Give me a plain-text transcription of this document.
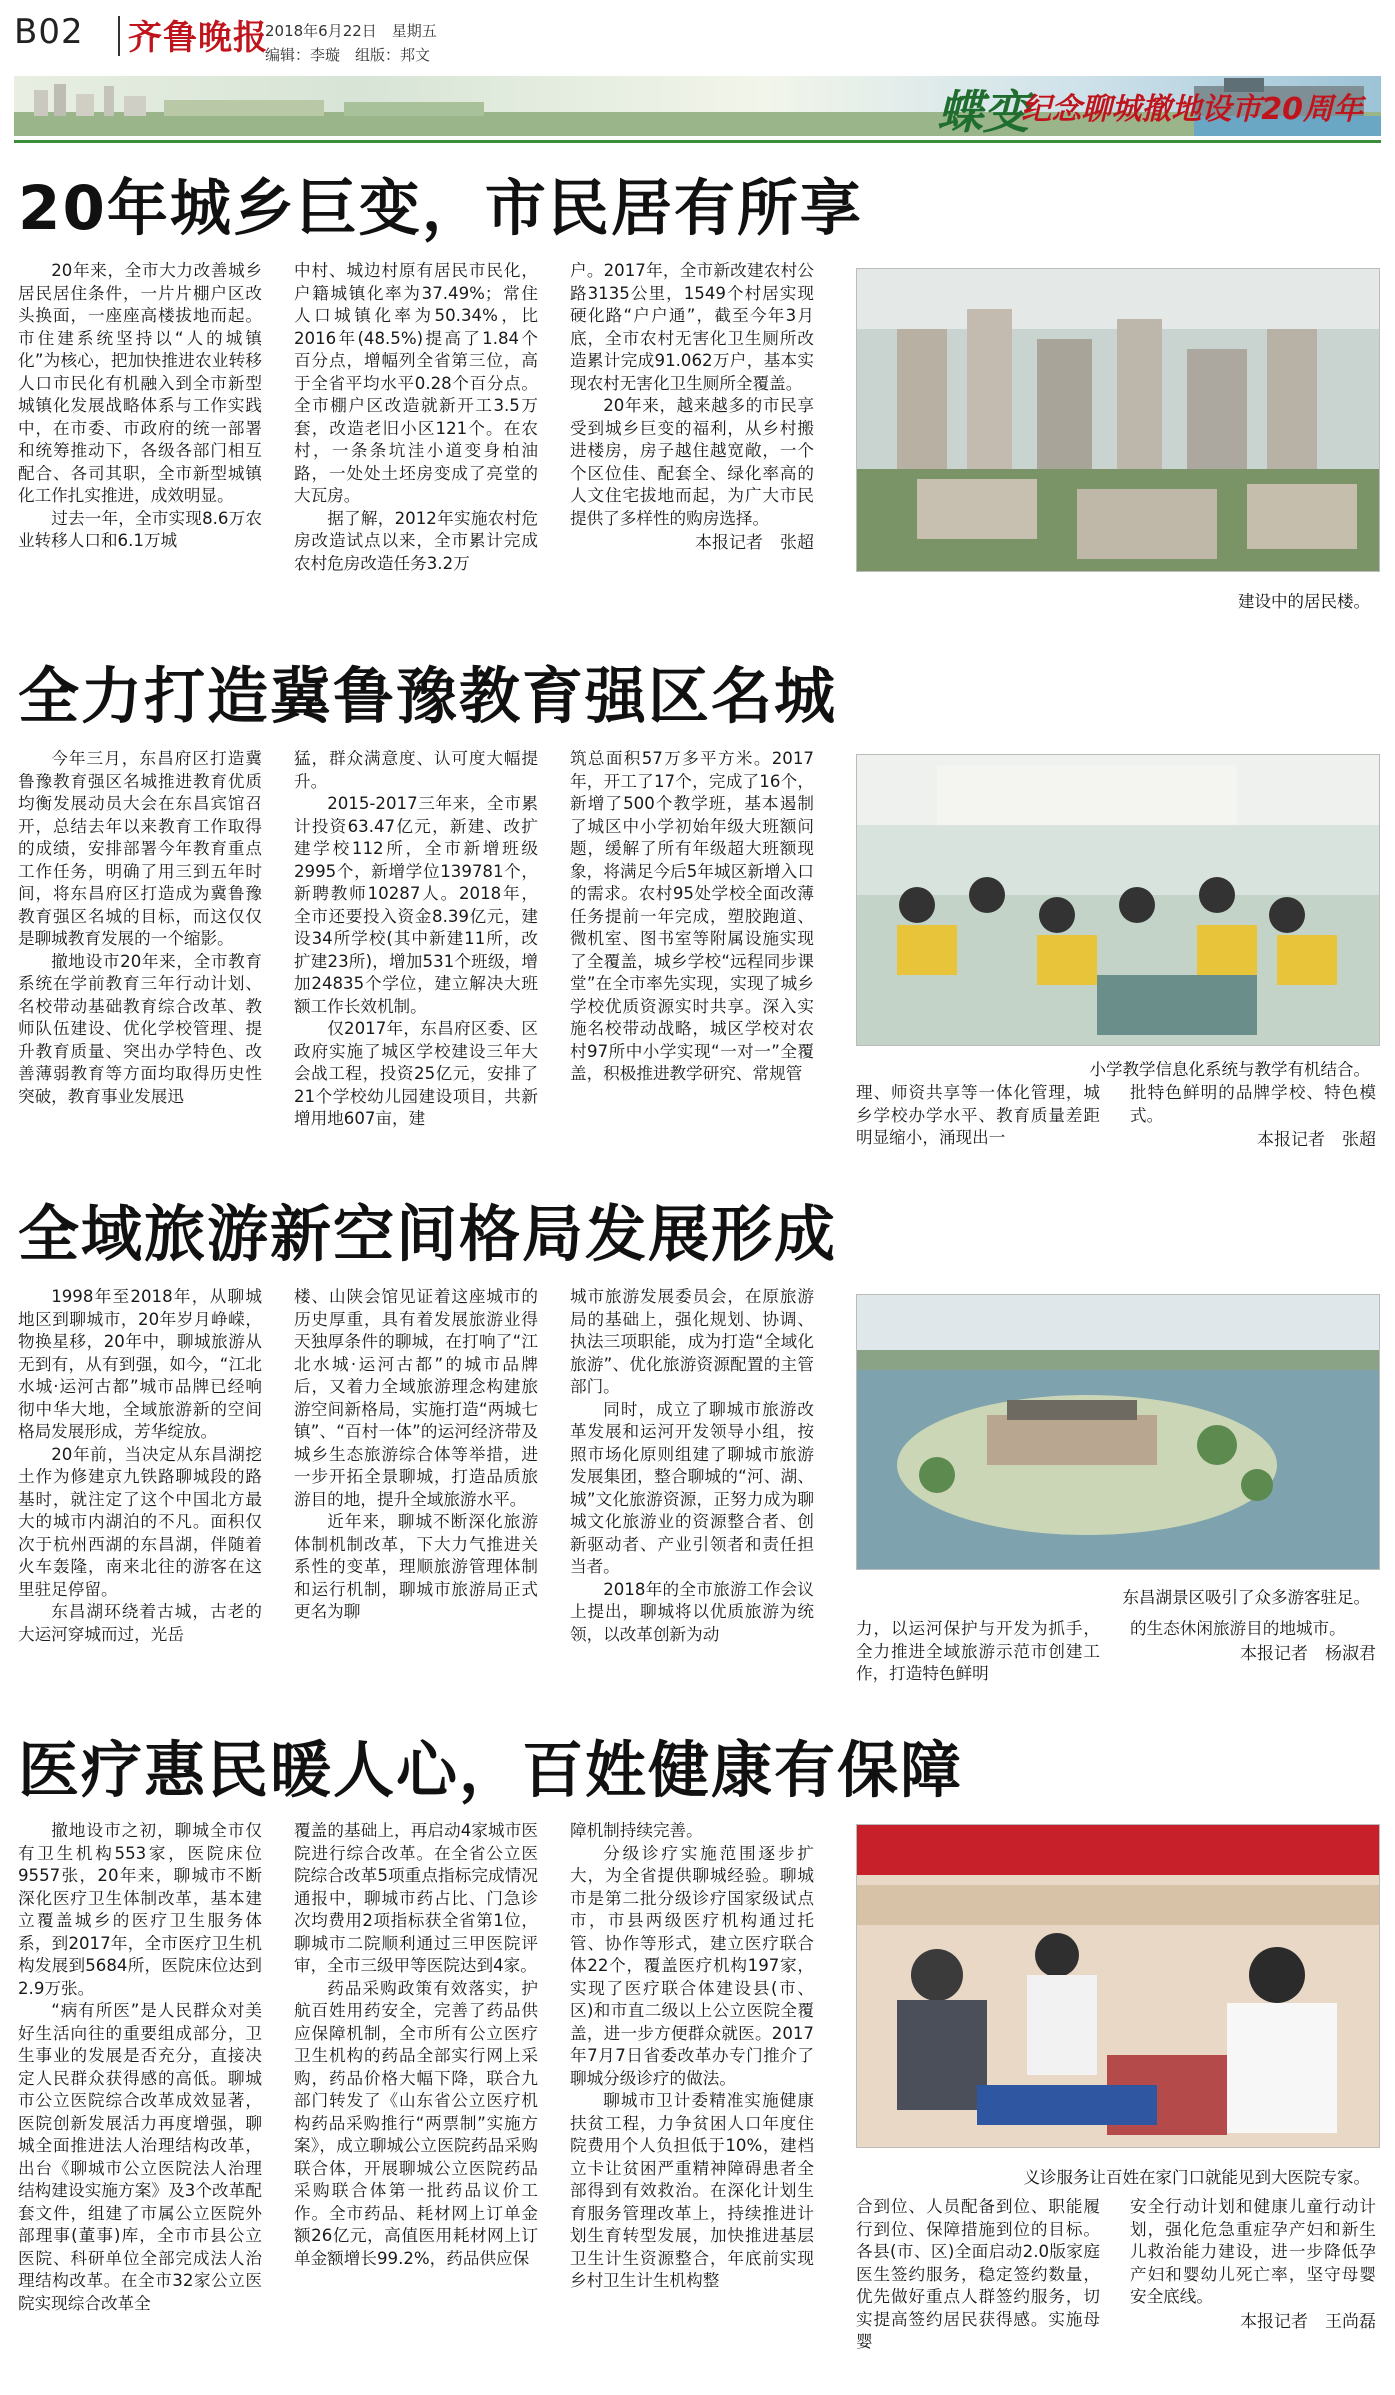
B02 齐鲁晚报
2018年6月22日　星期五
编辑：李璇　组版：邦文
蝶变
纪念聊城撤地设市20周年
20年城乡巨变，市民居有所享

20年来，全市大力改善城乡居民居住条件，一片片棚户区改头换面，一座座高楼拔地而起。市住建系统坚持以“人的城镇化”为核心，把加快推进农业转移人口市民化有机融入到全市新型城镇化发展战略体系与工作实践中，在市委、市政府的统一部署和统筹推动下，各级各部门相互配合、各司其职，全市新型城镇化工作扎实推进，成效明显。

过去一年，全市实现8.6万农业转移人口和6.1万城

中村、城边村原有居民市民化，户籍城镇化率为37.49%；常住人口城镇化率为50.34%，比2016年(48.5%)提高了1.84个百分点，增幅列全省第三位，高于全省平均水平0.28个百分点。全市棚户区改造就新开工3.5万套，改造老旧小区121个。在农村，一条条坑洼小道变身柏油路，一处处土坯房变成了亮堂的大瓦房。

据了解，2012年实施农村危房改造试点以来，全市累计完成农村危房改造任务3.2万

户。2017年，全市新改建农村公路3135公里，1549个村居实现硬化路“户户通”，截至今年3月底，全市农村无害化卫生厕所改造累计完成91.062万户，基本实现农村无害化卫生厕所全覆盖。

20年来，越来越多的市民享受到城乡巨变的福利，从乡村搬进楼房，房子越住越宽敞，一个个区位佳、配套全、绿化率高的人文住宅拔地而起，为广大市民提供了多样性的购房选择。

本报记者　张超
建设中的居民楼。
全力打造冀鲁豫教育强区名城

今年三月，东昌府区打造冀鲁豫教育强区名城推进教育优质均衡发展动员大会在东昌宾馆召开，总结去年以来教育工作取得的成绩，安排部署今年教育重点工作任务，明确了用三到五年时间，将东昌府区打造成为冀鲁豫教育强区名城的目标，而这仅仅是聊城教育发展的一个缩影。

撤地设市20年来，全市教育系统在学前教育三年行动计划、名校带动基础教育综合改革、教师队伍建设、优化学校管理、提升教育质量、突出办学特色、改善薄弱教育等方面均取得历史性突破，教育事业发展迅

猛，群众满意度、认可度大幅提升。

2015-2017三年来，全市累计投资63.47亿元，新建、改扩建学校112所，全市新增班级2995个，新增学位139781个，新聘教师10287人。2018年，全市还要投入资金8.39亿元，建设34所学校(其中新建11所，改扩建23所)，增加531个班级，增加24835个学位，建立解决大班额工作长效机制。

仅2017年，东昌府区委、区政府实施了城区学校建设三年大会战工程，投资25亿元，安排了21个学校幼儿园建设项目，共新增用地607亩，建

筑总面积57万多平方米。2017年，开工了17个，完成了16个，新增了500个教学班，基本遏制了城区中小学初始年级大班额问题，缓解了所有年级超大班额现象，将满足今后5年城区新增入口的需求。农村95处学校全面改薄任务提前一年完成，塑胶跑道、微机室、图书室等附属设施实现了全覆盖，城乡学校“远程同步课堂”在全市率先实现，实现了城乡学校优质资源实时共享。深入实施名校带动战略，城区学校对农村97所中小学实现“一对一”全覆盖，积极推进教学研究、常规管	小学教学信息化系统与教学有机结合。

理、师资共享等一体化管理，城乡学校办学水平、教育质量差距明显缩小，涌现出一

批特色鲜明的品牌学校、特色模式。

本报记者　张超
全域旅游新空间格局发展形成

1998年至2018年，从聊城地区到聊城市，20年岁月峥嵘，物换星移，20年中，聊城旅游从无到有，从有到强，如今，“江北水城·运河古都”城市品牌已经响彻中华大地，全域旅游新的空间格局发展形成，芳华绽放。

20年前，当决定从东昌湖挖土作为修建京九铁路聊城段的路基时，就注定了这个中国北方最大的城市内湖泊的不凡。面积仅次于杭州西湖的东昌湖，伴随着火车轰隆，南来北往的游客在这里驻足停留。

东昌湖环绕着古城，古老的大运河穿城而过，光岳

楼、山陕会馆见证着这座城市的历史厚重，具有着发展旅游业得天独厚条件的聊城，在打响了“江北水城·运河古都”的城市品牌后，又着力全域旅游理念构建旅游空间新格局，实施打造“两城七镇”、“百村一体”的运河经济带及城乡生态旅游综合体等举措，进一步开拓全景聊城，打造品质旅游目的地，提升全域旅游水平。

近年来，聊城不断深化旅游体制机制改革，下大力气推进关系性的变革，理顺旅游管理体制和运行机制，聊城市旅游局正式更名为聊

城市旅游发展委员会，在原旅游局的基础上，强化规划、协调、执法三项职能，成为打造“全域化旅游”、优化旅游资源配置的主管部门。

同时，成立了聊城市旅游改革发展和运河开发领导小组，按照市场化原则组建了聊城市旅游发展集团，整合聊城的“河、湖、城”文化旅游资源，正努力成为聊城文化旅游业的资源整合者、创新驱动者、产业引领者和责任担当者。

2018年的全市旅游工作会议上提出，聊城将以优质旅游为统领，以改革创新为动

东昌湖景区吸引了众多游客驻足。

力，以运河保护与开发为抓手，全力推进全域旅游示范市创建工作，打造特色鲜明

的生态休闲旅游目的地城市。

本报记者　杨淑君
医疗惠民暖人心，百姓健康有保障

撤地设市之初，聊城全市仅有卫生机构553家，医院床位9557张，20年来，聊城市不断深化医疗卫生体制改革，基本建立覆盖城乡的医疗卫生服务体系，到2017年，全市医疗卫生机构发展到5684所，医院床位达到2.9万张。

“病有所医”是人民群众对美好生活向往的重要组成部分，卫生事业的发展是否充分，直接决定人民群众获得感的高低。聊城市公立医院综合改革成效显著，医院创新发展活力再度增强，聊城全面推进法人治理结构改革，出台《聊城市公立医院法人治理结构建设实施方案》及3个改革配套文件，组建了市属公立医院外部理事(董事)库，全市市县公立医院、科研单位全部完成法人治理结构改革。在全市32家公立医院实现综合改革全

覆盖的基础上，再启动4家城市医院进行综合改革。在全省公立医院综合改革5项重点指标完成情况通报中，聊城市药占比、门急诊次均费用2项指标获全省第1位，聊城市二院顺利通过三甲医院评审，全市三级甲等医院达到4家。

药品采购政策有效落实，护航百姓用药安全，完善了药品供应保障机制，全市所有公立医疗卫生机构的药品全部实行网上采购，药品价格大幅下降，联合九部门转发了《山东省公立医疗机构药品采购推行“两票制”实施方案》，成立聊城公立医院药品采购联合体，开展聊城公立医院药品采购联合体第一批药品议价工作。全市药品、耗材网上订单金额26亿元，高值医用耗材网上订单金额增长99.2%，药品供应保

障机制持续完善。

分级诊疗实施范围逐步扩大，为全省提供聊城经验。聊城市是第二批分级诊疗国家级试点市，市县两级医疗机构通过托管、协作等形式，建立医疗联合体22个，覆盖医疗机构197家，实现了医疗联合体建设县(市、区)和市直二级以上公立医院全覆盖，进一步方便群众就医。2017年7月7日省委改革办专门推介了聊城分级诊疗的做法。

聊城市卫计委精准实施健康扶贫工程，力争贫困人口年度住院费用个人负担低于10%，建档立卡让贫困严重精神障碍患者全部得到有效救治。在深化计划生育服务管理改革上，持续推进计划生育转型发展，加快推进基层卫生计生资源整合，年底前实现乡村卫生计生机构整

义诊服务让百姓在家门口就能见到大医院专家。

合到位、人员配备到位、职能履行到位、保障措施到位的目标。各县(市、区)全面启动2.0版家庭医生签约服务，稳定签约数量，优先做好重点人群签约服务，切实提高签约居民获得感。实施母婴

安全行动计划和健康儿童行动计划，强化危急重症孕产妇和新生儿救治能力建设，进一步降低孕产妇和婴幼儿死亡率，坚守母婴安全底线。

本报记者　王尚磊
